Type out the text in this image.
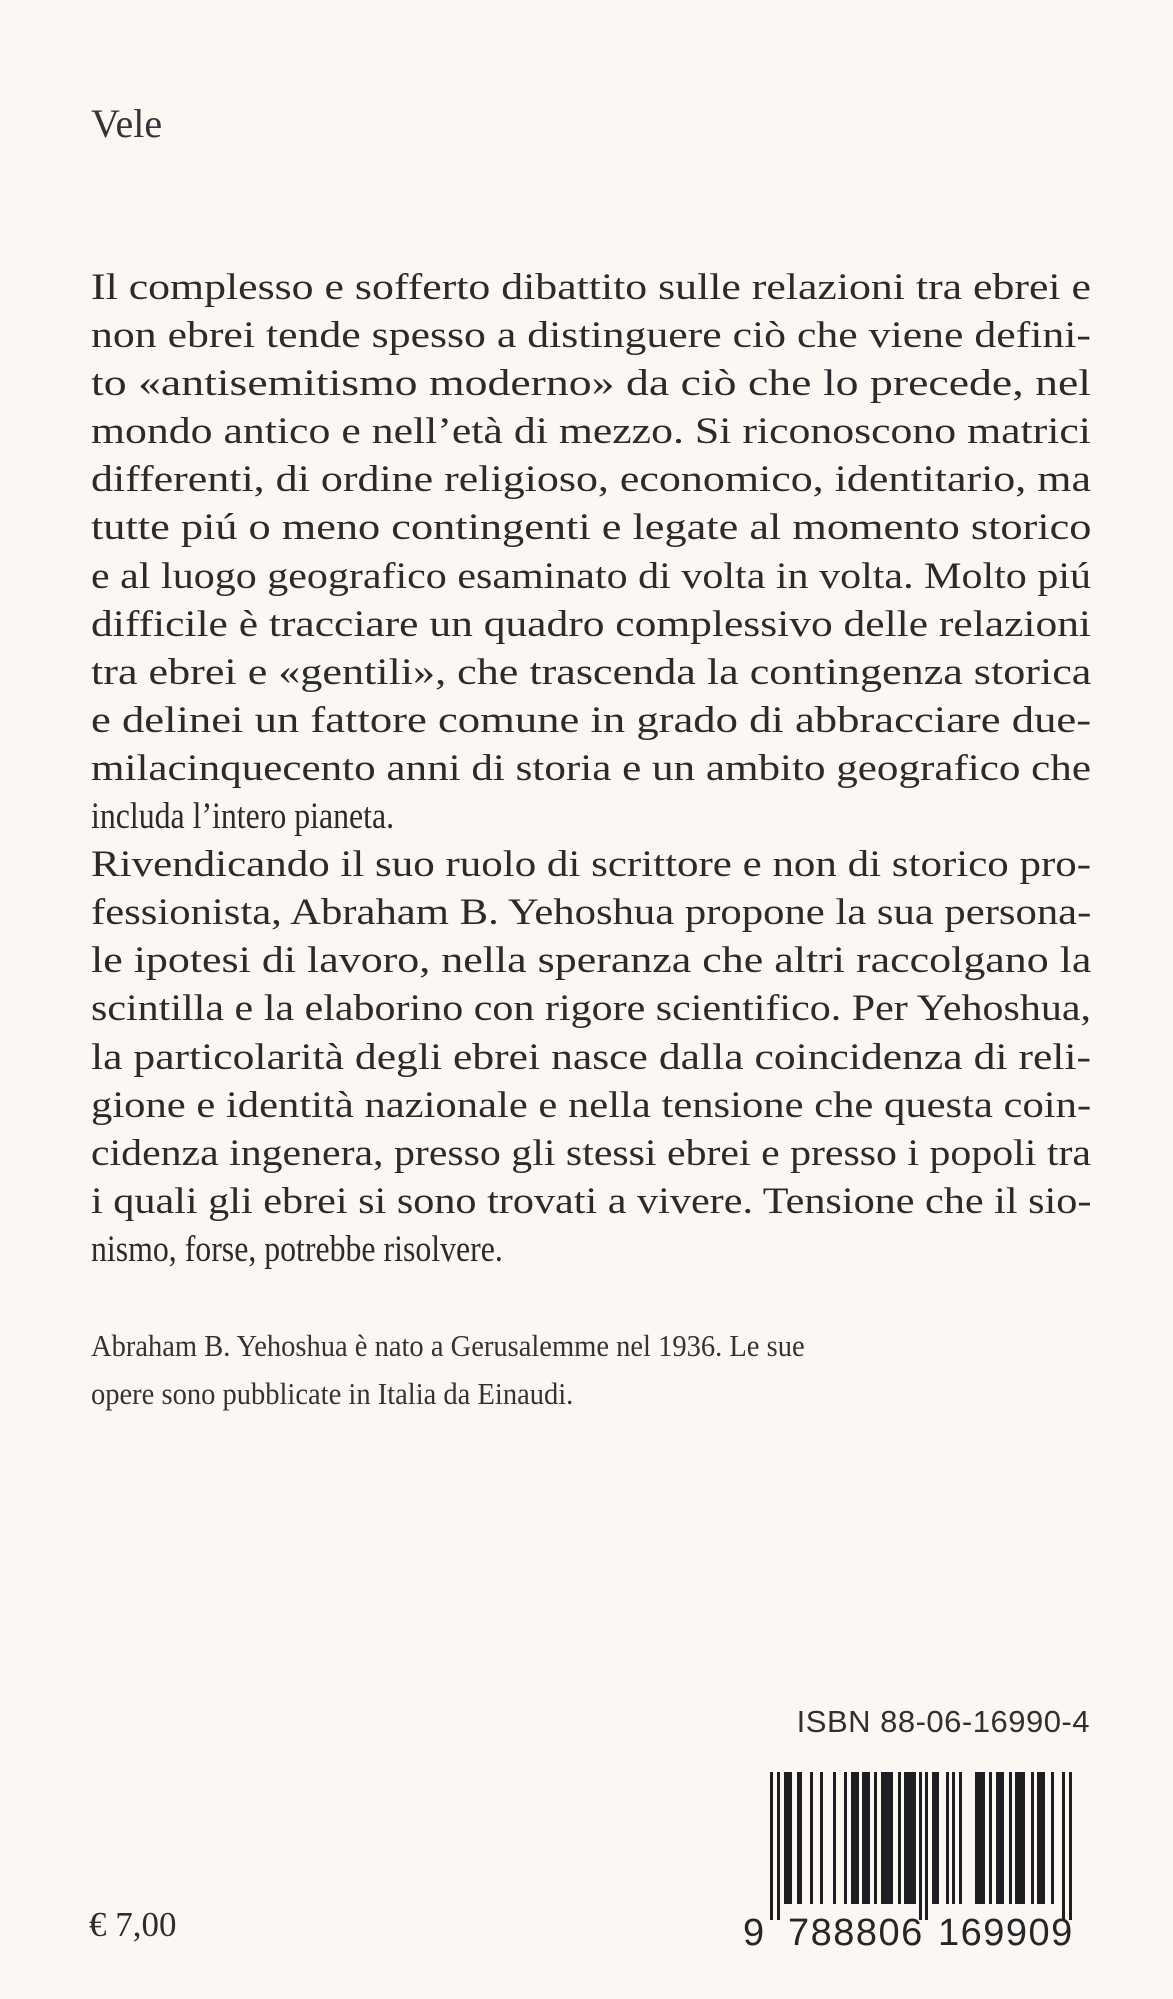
Vele
Il complesso e sofferto dibattito sulle relazioni tra ebrei e
non ebrei tende spesso a distinguere ciò che viene defini-
to «antisemitismo moderno» da ciò che lo precede, nel
mondo antico e nell’età di mezzo. Si riconoscono matrici
differenti, di ordine religioso, economico, identitario, ma
tutte piú o meno contingenti e legate al momento storico
e al luogo geografico esaminato di volta in volta. Molto piú
difficile è tracciare un quadro complessivo delle relazioni
tra ebrei e «gentili», che trascenda la contingenza storica
e delinei un fattore comune in grado di abbracciare due-
milacinquecento anni di storia e un ambito geografico che
includa l’intero pianeta.
Rivendicando il suo ruolo di scrittore e non di storico pro-
fessionista, Abraham B. Yehoshua propone la sua persona-
le ipotesi di lavoro, nella speranza che altri raccolgano la
scintilla e la elaborino con rigore scientifico. Per Yehoshua,
la particolarità degli ebrei nasce dalla coincidenza di reli-
gione e identità nazionale e nella tensione che questa coin-
cidenza ingenera, presso gli stessi ebrei e presso i popoli tra
i quali gli ebrei si sono trovati a vivere. Tensione che il sio-
nismo, forse, potrebbe risolvere.
Abraham B. Yehoshua è nato a Gerusalemme nel 1936. Le sue opere sono pubblicate in Italia da Einaudi.
ISBN 88-06-16990-4
9 788806 169909
€ 7,00
